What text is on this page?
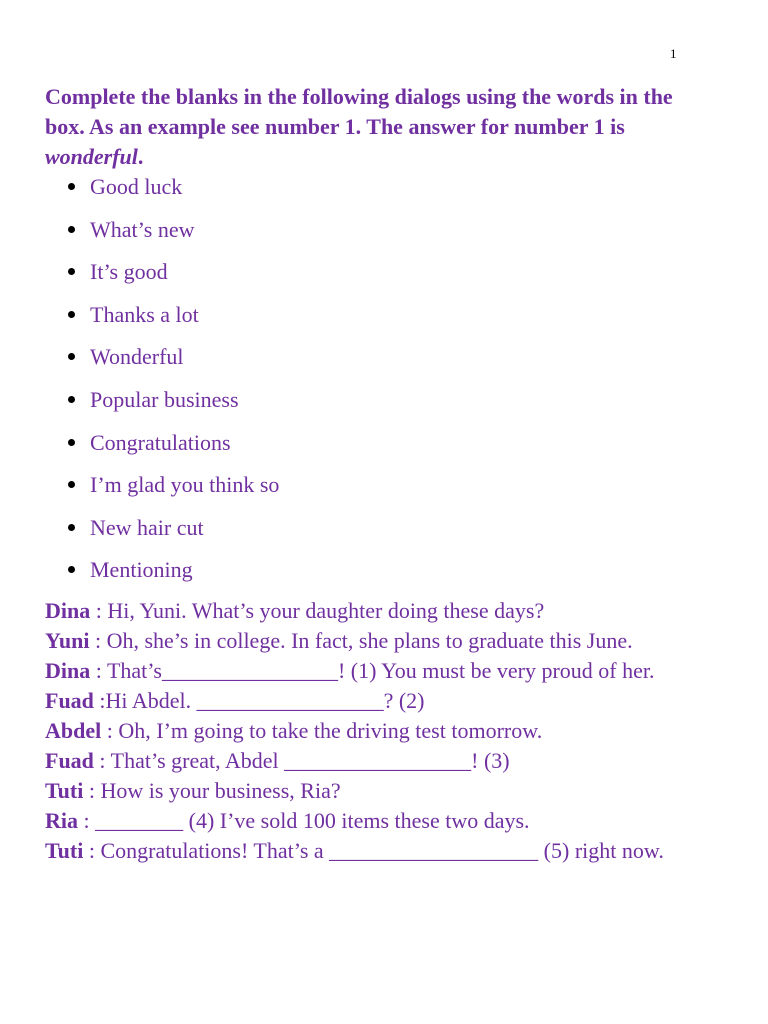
1

Complete the blanks in the following dialogs using the words in the box. As an example see number 1. The answer for number 1 is wonderful.

Good luck
What’s new
It’s good
Thanks a lot
Wonderful
Popular business
Congratulations
I’m glad you think so
New hair cut
Mentioning

Dina : Hi, Yuni. What’s your daughter doing these days?

Yuni : Oh, she’s in college. In fact, she plans to graduate this June.

Dina : That’s________________! (1) You must be very proud of her.

Fuad :Hi Abdel. _________________? (2)

Abdel : Oh, I’m going to take the driving test tomorrow.

Fuad : That’s great, Abdel _________________! (3)

Tuti : How is your business, Ria?

Ria : ________ (4) I’ve sold 100 items these two days.

Tuti : Congratulations! That’s a ___________________ (5) right now.
